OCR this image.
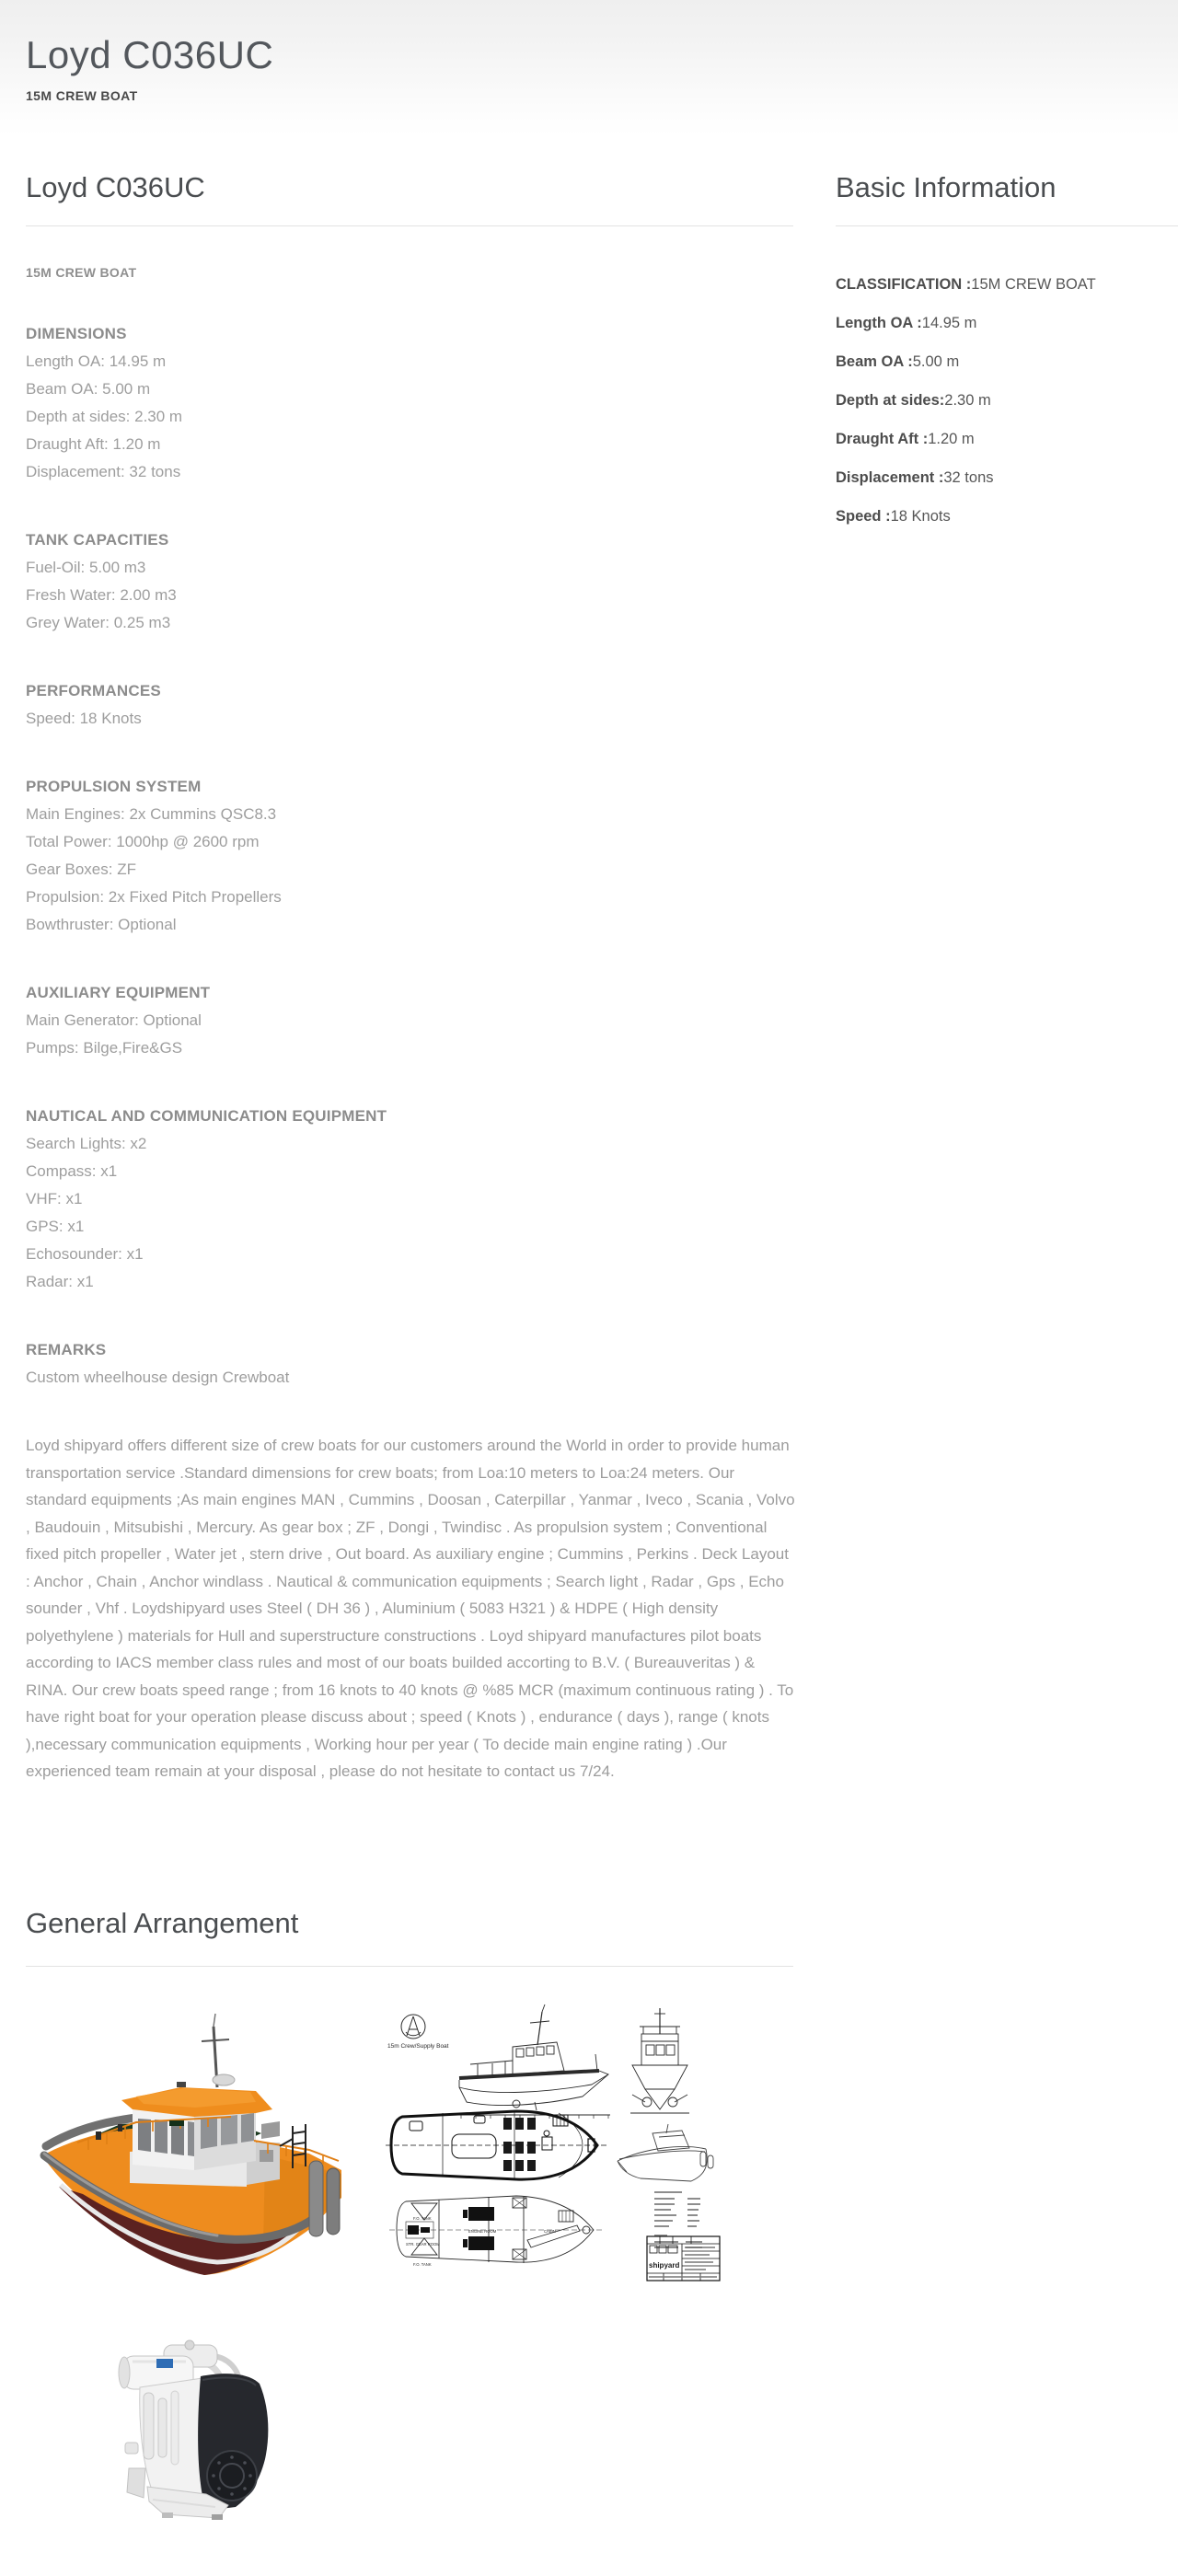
Loyd C036UC
15M CREW BOAT
Loyd C036UC
15M CREW BOAT
DIMENSIONS
Length OA: 14.95 m
Beam OA: 5.00 m
Depth at sides: 2.30 m
Draught Aft: 1.20 m
Displacement: 32 tons
TANK CAPACITIES
Fuel-Oil: 5.00 m3
Fresh Water: 2.00 m3
Grey Water: 0.25 m3
PERFORMANCES
Speed: 18 Knots
PROPULSION SYSTEM
Main Engines: 2x Cummins QSC8.3
Total Power: 1000hp @ 2600 rpm
Gear Boxes: ZF
Propulsion: 2x Fixed Pitch Propellers
Bowthruster: Optional
AUXILIARY EQUIPMENT
Main Generator: Optional
Pumps: Bilge,Fire&GS
NAUTICAL AND COMMUNICATION EQUIPMENT
Search Lights: x2
Compass: x1
VHF: x1
GPS: x1
Echosounder: x1
Radar: x1
REMARKS
Custom wheelhouse design Crewboat
Loyd shipyard offers different size of crew boats for our customers around the World in order to provide human transportation service .Standard dimensions for crew boats; from Loa:10 meters to Loa:24 meters. Our standard equipments ;As main engines MAN , Cummins , Doosan , Caterpillar , Yanmar , Iveco , Scania , Volvo , Baudouin , Mitsubishi , Mercury. As gear box ; ZF , Dongi , Twindisc . As propulsion system ; Conventional fixed pitch propeller , Water jet , stern drive , Out board. As auxiliary engine ; Cummins , Perkins . Deck Layout : Anchor , Chain , Anchor windlass . Nautical & communication equipments ; Search light , Radar , Gps , Echo sounder , Vhf . Loydshipyard uses Steel ( DH 36 ) , Aluminium ( 5083 H321 ) & HDPE ( High density polyethylene ) materials for Hull and superstructure constructions . Loyd shipyard manufactures pilot boats according to IACS member class rules and most of our boats builded accorting to B.V. ( Bureauveritas ) & RINA. Our crew boats speed range ; from 16 knots to 40 knots @ %85 MCR (maximum continuous rating ) . To have right boat for your operation please discuss about ; speed ( Knots ) , endurance ( days ), range ( knots ),necessary communication equipments , Working hour per year ( To decide main engine rating ) .Our experienced team remain at your disposal , please do not hesitate to contact us 7/24.
General Arrangement
Basic Information
CLASSIFICATION :15M CREW BOAT
Length OA :14.95 m
Beam OA :5.00 m
Depth at sides:2.30 m
Draught Aft :1.20 m
Displacement :32 tons
Speed :18 Knots
15m Crew/Supply Boat
F.O. TANK
STR. GEAR ROOM
ENGINE ROOM	CABIN
F.O. TANK	shipyard
